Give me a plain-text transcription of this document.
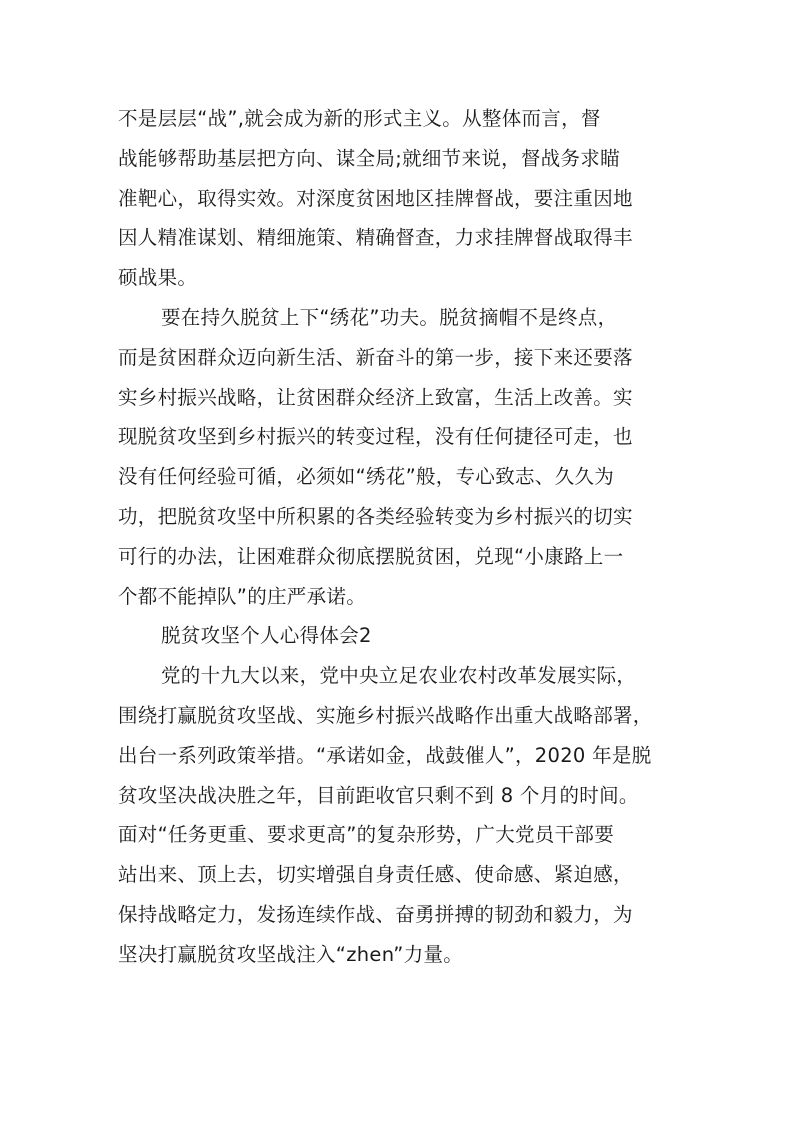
不是层层“战”,就会成为新的形式主义。从整体而言，督
战能够帮助基层把方向、谋全局;就细节来说，督战务求瞄
准靶心，取得实效。对深度贫困地区挂牌督战，要注重因地
因人精准谋划、精细施策、精确督查，力求挂牌督战取得丰
硕战果。
要在持久脱贫上下“绣花”功夫。脱贫摘帽不是终点，
而是贫困群众迈向新生活、新奋斗的第一步，接下来还要落
实乡村振兴战略，让贫困群众经济上致富，生活上改善。实
现脱贫攻坚到乡村振兴的转变过程，没有任何捷径可走，也
没有任何经验可循，必须如“绣花”般，专心致志、久久为
功，把脱贫攻坚中所积累的各类经验转变为乡村振兴的切实
可行的办法，让困难群众彻底摆脱贫困，兑现“小康路上一
个都不能掉队”的庄严承诺。
脱贫攻坚个人心得体会2
党的十九大以来，党中央立足农业农村改革发展实际，
围绕打赢脱贫攻坚战、实施乡村振兴战略作出重大战略部署，
出台一系列政策举措。“承诺如金，战鼓催人”，2020 年是脱
贫攻坚决战决胜之年，目前距收官只剩不到 8 个月的时间。
面对“任务更重、要求更高”的复杂形势，广大党员干部要
站出来、顶上去，切实增强自身责任感、使命感、紧迫感，
保持战略定力，发扬连续作战、奋勇拼搏的韧劲和毅力，为
坚决打赢脱贫攻坚战注入“zhen”力量。
